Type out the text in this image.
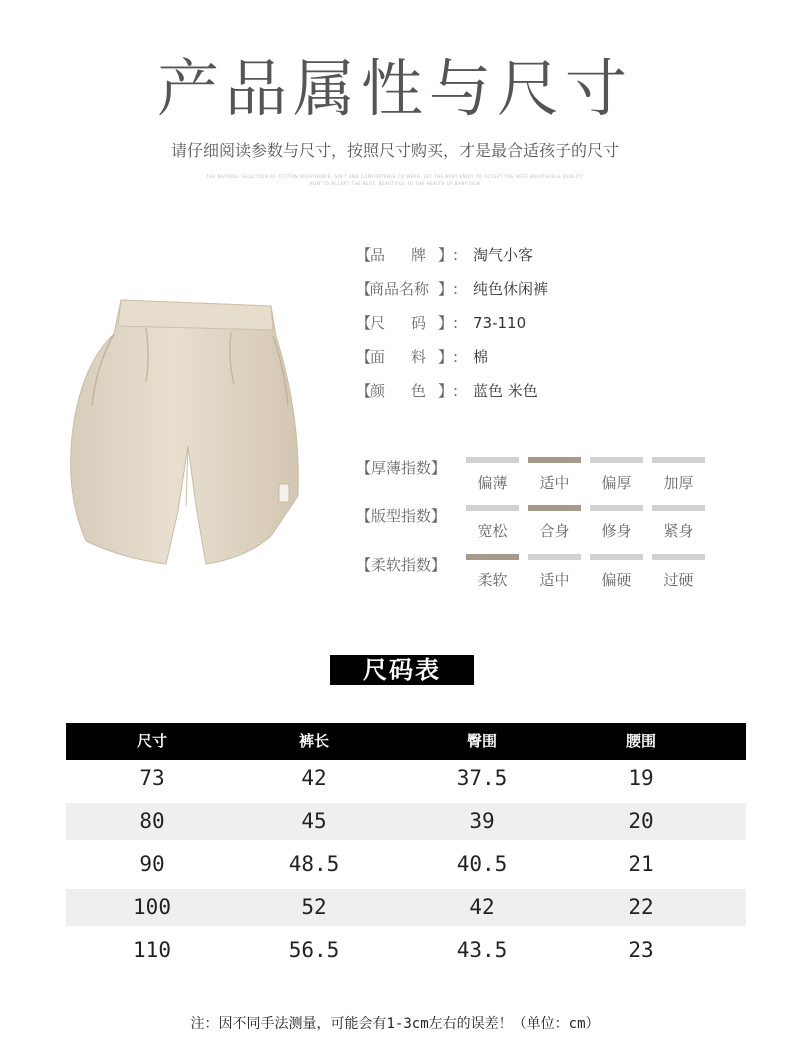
产品属性与尺寸
请仔细阅读参数与尺寸，按照尺寸购买，才是最合适孩子的尺寸
THE NATURAL SELECTION OF COTTON BREATHABLE, SOFT AND COMFORTABLE TO WEAR, LET THE BABY ENJOY TO ACCEPT THE BEST BREATHABLE QUALITY
HOW TO ACCEPT THE BEST, BEAUTIFUL TO THE HEALTH OF BABY SKIN
【
品 牌 】 : 淘气小客
【
商品名称 】 : 纯色休闲裤
【
尺 码 】 : 73-110
【
面 料 】 : 棉
【
颜 色 】 : 蓝色 米色
【厚薄指数】
偏薄	适中	偏厚	加厚
【版型指数】
宽松	合身	修身	紧身
【柔软指数】
柔软	适中	偏硬	过硬
尺码表
尺寸	裤长	臀围	腰围
73	42	37.5	19
80	45	39	20
90	48.5	40.5	21
100	52	42	22
110	56.5	43.5	23
注：因不同手法测量，可能会有1-3cm左右的误差！（单位：cm）
